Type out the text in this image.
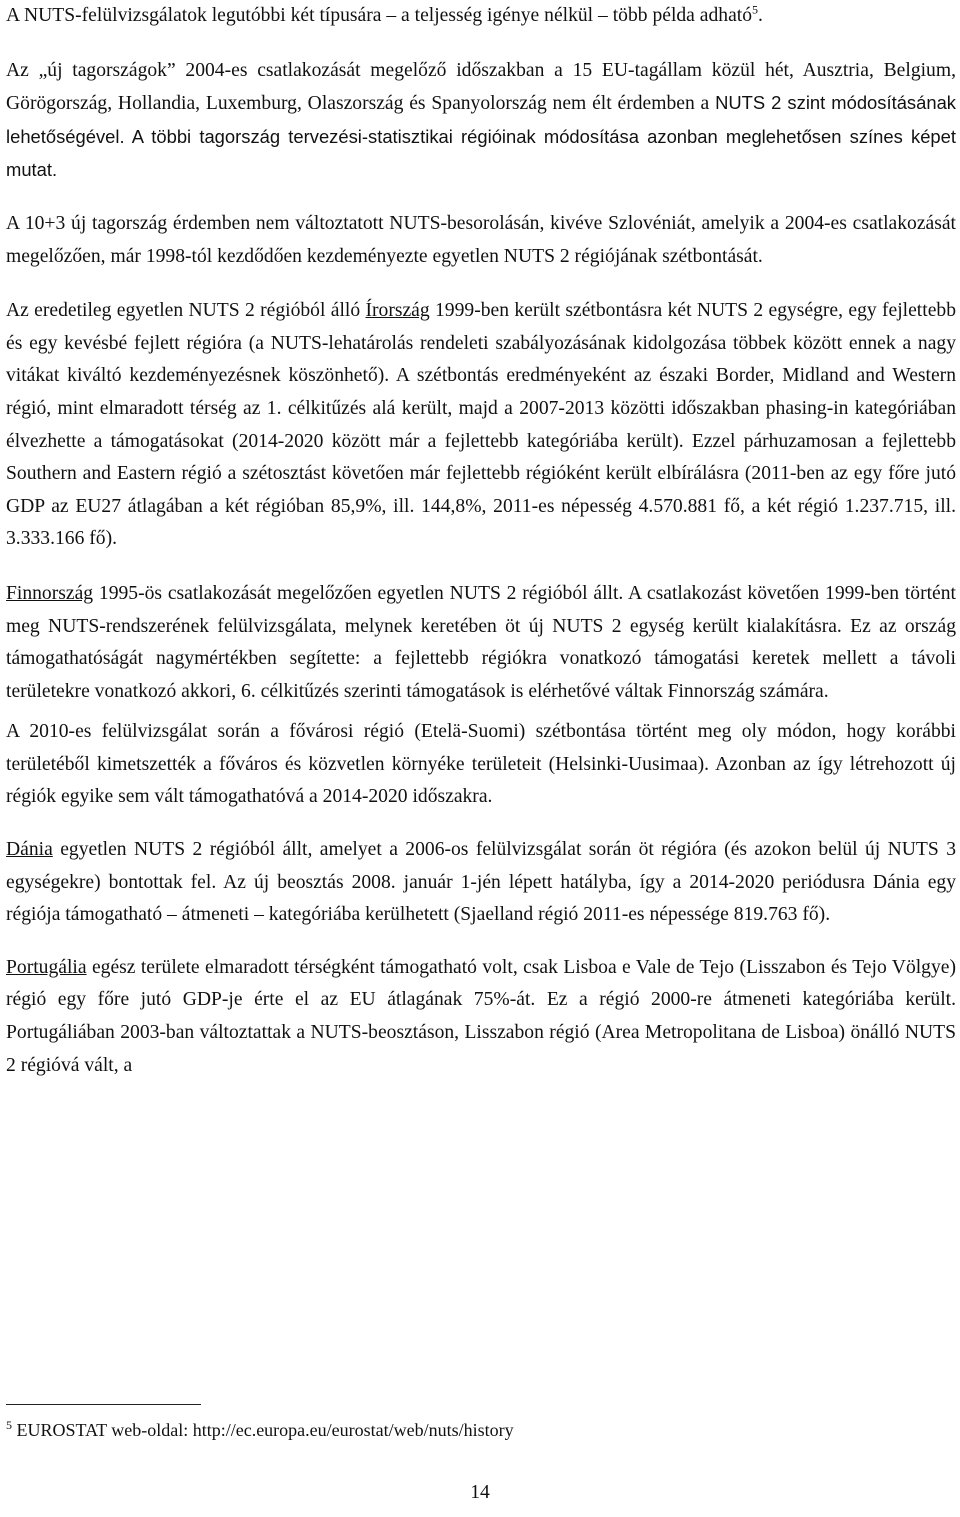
A NUTS-felülvizsgálatok legutóbbi két típusára – a teljesség igénye nélkül – több példa adható$^5$.

Az „új tagországok” 2004-es csatlakozását megelőző időszakban a 15 EU-tagállam közül hét, Ausztria, Belgium, Görögország, Hollandia, Luxemburg, Olaszország és Spanyolország nem élt érdemben a NUTS 2 szint módosításának lehetőségével. A többi tagország tervezési-statisztikai régióinak módosítása azonban meglehetősen színes képet mutat.

A 10+3 új tagország érdemben nem változtatott NUTS-besorolásán, kivéve Szlovéniát, amelyik a 2004-es csatlakozását megelőzően, már 1998-tól kezdődően kezdeményezte egyetlen NUTS 2 régiójának szétbontását.

Az eredetileg egyetlen NUTS 2 régióból álló Írország 1999-ben került szétbontásra két NUTS 2 egységre, egy fejlettebb és egy kevésbé fejlett régióra (a NUTS-lehatárolás rendeleti szabályozásának kidolgozása többek között ennek a nagy vitákat kiváltó kezdeményezésnek köszönhető). A szétbontás eredményeként az északi Border, Midland and Western régió, mint elmaradott térség az 1. célkitűzés alá került, majd a 2007-2013 közötti időszakban phasing-in kategóriában élvezhette a támogatásokat (2014-2020 között már a fejlettebb kategóriába került). Ezzel párhuzamosan a fejlettebb Southern and Eastern régió a szétosztást követően már fejlettebb régióként került elbírálásra (2011-ben az egy főre jutó GDP az EU27 átlagában a két régióban 85,9%, ill. 144,8%, 2011-es népesség 4.570.881 fő, a két régió 1.237.715, ill. 3.333.166 fő).

Finnország 1995-ös csatlakozását megelőzően egyetlen NUTS 2 régióból állt. A csatlakozást követően 1999-ben történt meg NUTS-rendszerének felülvizsgálata, melynek keretében öt új NUTS 2 egység került kialakításra. Ez az ország támogathatóságát nagymértékben segítette: a fejlettebb régiókra vonatkozó támogatási keretek mellett a távoli területekre vonatkozó akkori, 6. célkitűzés szerinti támogatások is elérhetővé váltak Finnország számára.

A 2010-es felülvizsgálat során a fővárosi régió (Etelä-Suomi) szétbontása történt meg oly módon, hogy korábbi területéből kimetszették a főváros és közvetlen környéke területeit (Helsinki-Uusimaa). Azonban az így létrehozott új régiók egyike sem vált támogathatóvá a 2014-2020 időszakra.

Dánia egyetlen NUTS 2 régióból állt, amelyet a 2006-os felülvizsgálat során öt régióra (és azokon belül új NUTS 3 egységekre) bontottak fel. Az új beosztás 2008. január 1-jén lépett hatályba, így a 2014-2020 periódusra Dánia egy régiója támogatható – átmeneti – kategóriába kerülhetett (Sjaelland régió 2011-es népessége 819.763 fő).

Portugália egész területe elmaradott térségként támogatható volt, csak Lisboa e Vale de Tejo (Lisszabon és Tejo Völgye) régió egy főre jutó GDP-je érte el az EU átlagának 75%-át. Ez a régió 2000-re átmeneti kategóriába került. Portugáliában 2003-ban változtattak a NUTS-beosztáson, Lisszabon régió (Area Metropolitana de Lisboa) önálló NUTS 2 régióvá vált, a

$^5$ EUROSTAT web-oldal: http://ec.europa.eu/eurostat/web/nuts/history
14
